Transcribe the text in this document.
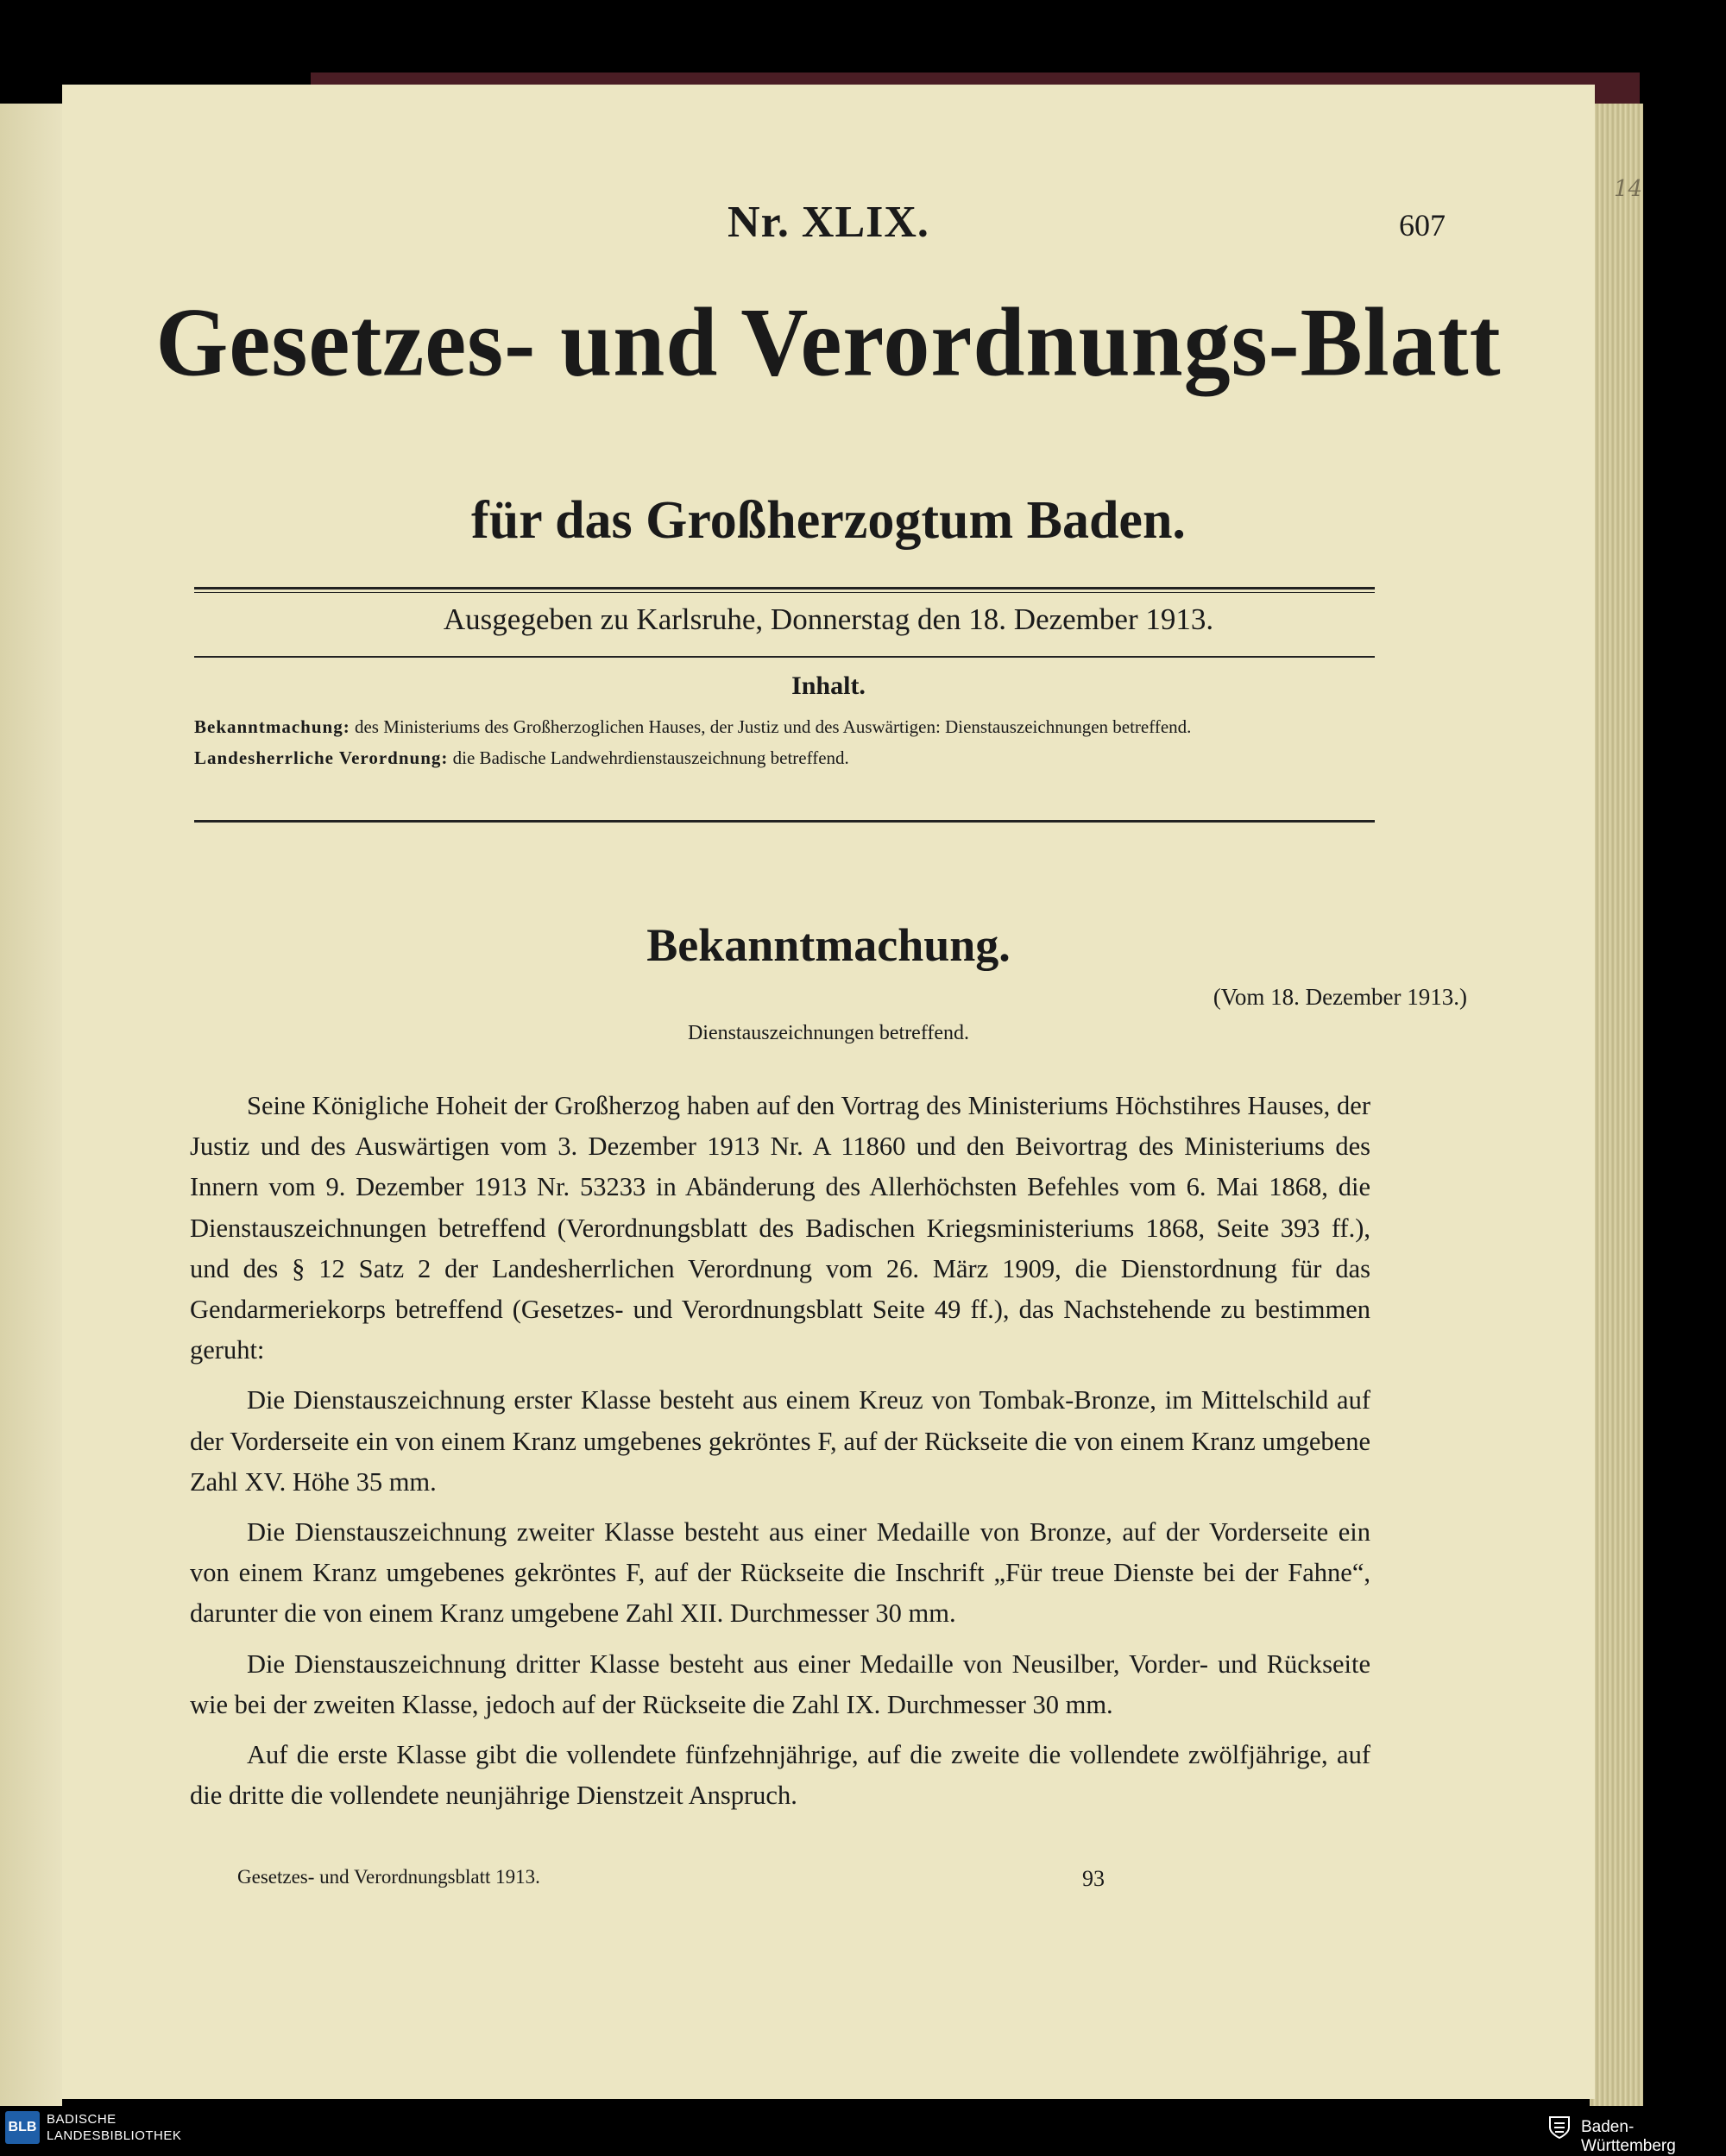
14
Nr. XLIX.	607
Gesetzes- und Verordnungs-Blatt
für das Großherzogtum Baden.
Ausgegeben zu Karlsruhe, Donnerstag den 18. Dezember 1913.
Inhalt.
Bekanntmachung: des Ministeriums des Großherzoglichen Hauses, der Justiz und des Auswärtigen: Dienstauszeichnungen betreffend.
Landesherrliche Verordnung: die Badische Landwehrdienstauszeichnung betreffend.
Bekanntmachung.
(Vom 18. Dezember 1913.)
Dienstauszeichnungen betreffend.

Seine Königliche Hoheit der Großherzog haben auf den Vortrag des Ministeriums Höchstihres Hauses, der Justiz und des Auswärtigen vom 3. Dezember 1913 Nr. A 11860 und den Beivortrag des Ministeriums des Innern vom 9. Dezember 1913 Nr. 53233 in Abänderung des Allerhöchsten Befehles vom 6. Mai 1868, die Dienstauszeichnungen betreffend (Verordnungsblatt des Badischen Kriegsministeriums 1868, Seite 393 ff.), und des § 12 Satz 2 der Landesherrlichen Verordnung vom 26. März 1909, die Dienstordnung für das Gendarmeriekorps betreffend (Gesetzes- und Verordnungsblatt Seite 49 ff.), das Nachstehende zu bestimmen geruht:

Die Dienstauszeichnung erster Klasse besteht aus einem Kreuz von Tombak-Bronze, im Mittelschild auf der Vorderseite ein von einem Kranz umgebenes gekröntes F, auf der Rückseite die von einem Kranz umgebene Zahl XV. Höhe 35 mm.

Die Dienstauszeichnung zweiter Klasse besteht aus einer Medaille von Bronze, auf der Vorderseite ein von einem Kranz umgebenes gekröntes F, auf der Rückseite die Inschrift „Für treue Dienste bei der Fahne“, darunter die von einem Kranz umgebene Zahl XII. Durchmesser 30 mm.

Die Dienstauszeichnung dritter Klasse besteht aus einer Medaille von Neusilber, Vorder- und Rückseite wie bei der zweiten Klasse, jedoch auf der Rückseite die Zahl IX. Durchmesser 30 mm.

Auf die erste Klasse gibt die vollendete fünfzehnjährige, auf die zweite die vollendete zwölfjährige, auf die dritte die vollendete neunjährige Dienstzeit Anspruch.

Gesetzes- und Verordnungsblatt 1913.	93
BLB
BADISCHE
LANDESBIBLIOTHEK	Baden-Württemberg
